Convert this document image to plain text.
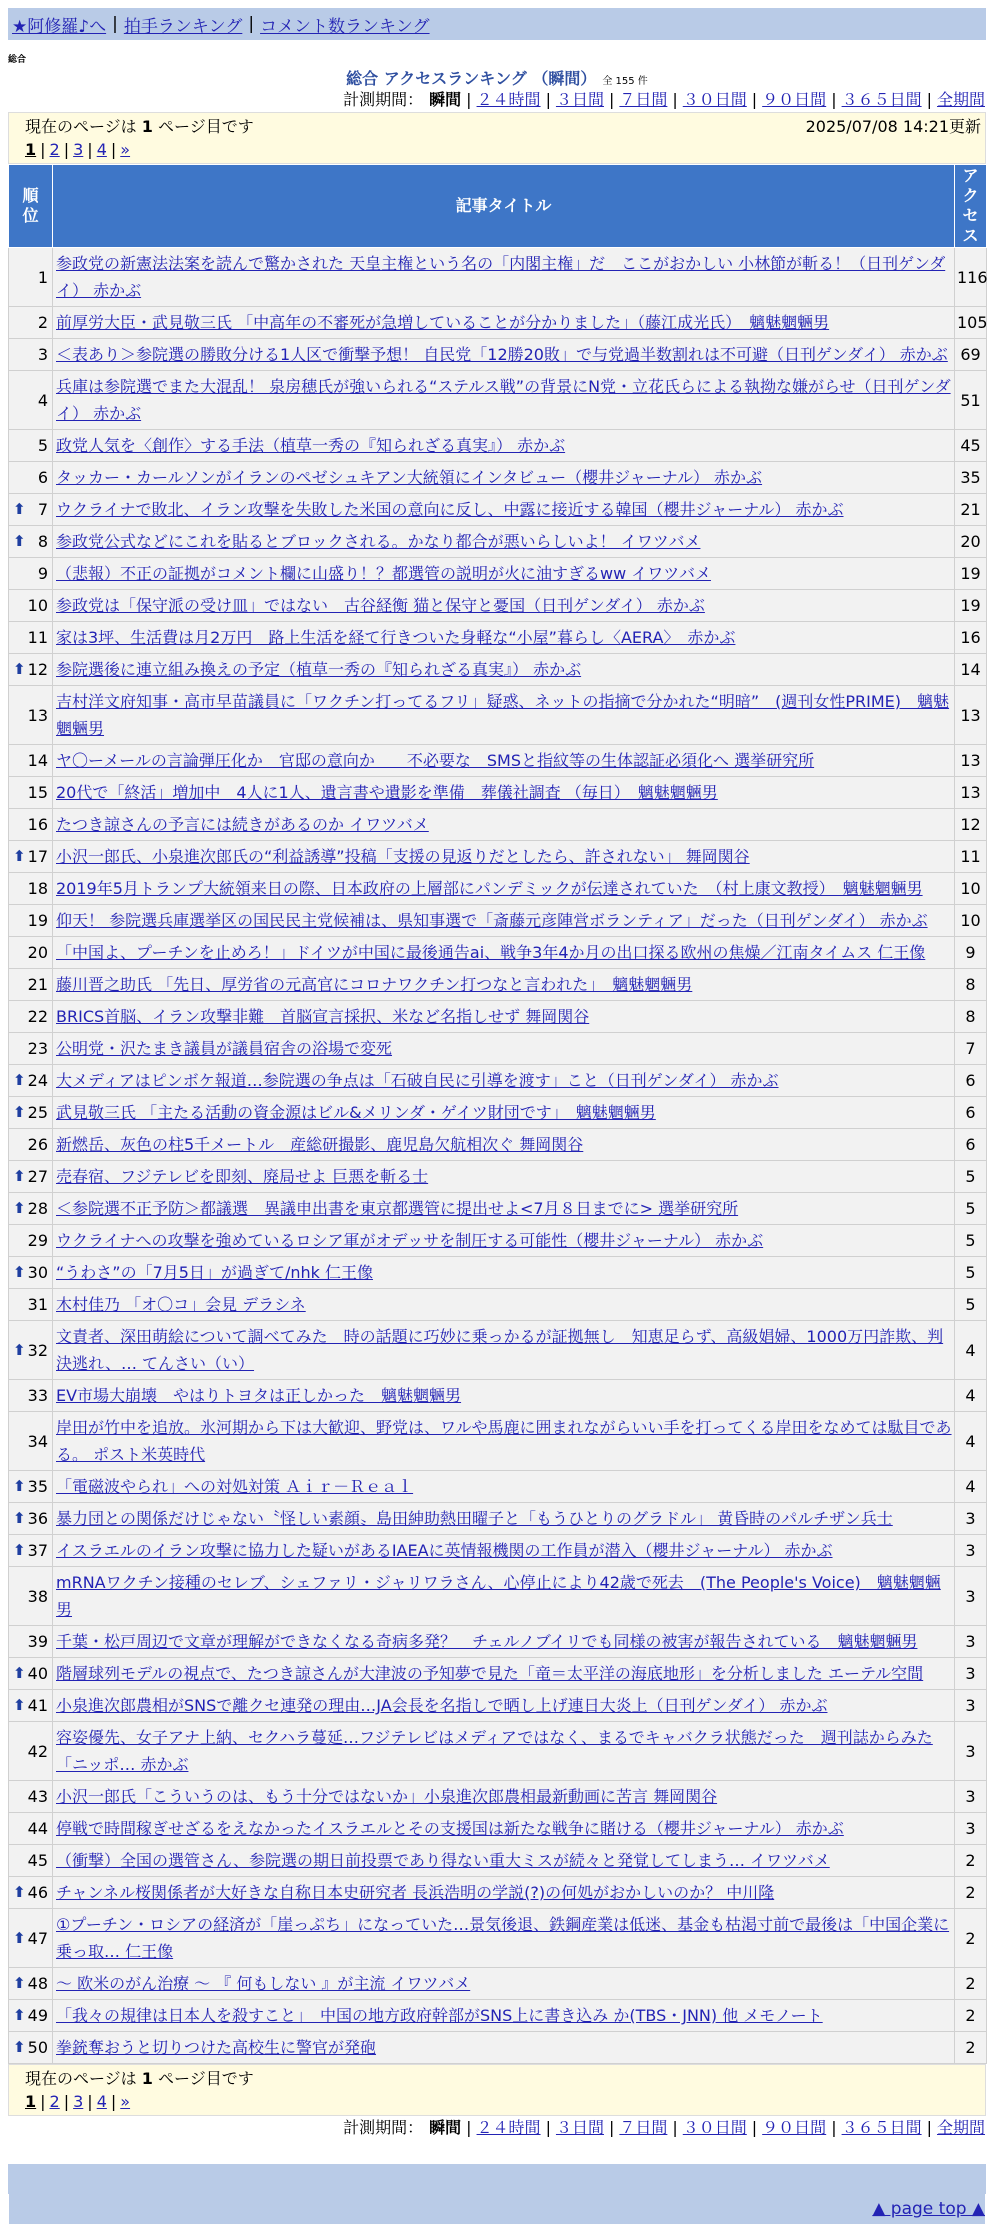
★阿修羅♪へ | 拍手ランキング | コメント数ランキング
総合
総合 アクセスランキング （瞬間） 全 155 件
計測期間： 瞬間 | ２４時間 | ３日間 | ７日間 | ３０日間 | ９０日間 | ３６５日間 | 全期間
現在のページは 1 ページ目です	2025/07/08 14:21更新
1 | 2 | 3 | 4 | »
順
位	記事タイトル	アク
セス
1	参政党の新憲法法案を読んで驚かされた 天皇主権という名の「内閣主権」だ　ここがおかしい 小林節が斬る！（日刊ゲンダイ） 赤かぶ	116
2	前厚労大臣・武見敬三氏 「中高年の不審死が急増していることが分かりました」（藤江成光氏）　魑魅魍魎男	105
3	＜表あり＞参院選の勝敗分ける1人区で衝撃予想！ 自民党「12勝20敗」で与党過半数割れは不可避（日刊ゲンダイ） 赤かぶ	69
4	兵庫は参院選でまた大混乱！ 泉房穂氏が強いられる“ステルス戦”の背景にN党・立花氏らによる執拗な嫌がらせ（日刊ゲンダイ） 赤かぶ	51
5	政党人気を〈創作〉する手法（植草一秀の『知られざる真実』） 赤かぶ	45
6	タッカー・カールソンがイランのペゼシュキアン大統領にインタビュー（櫻井ジャーナル） 赤かぶ	35

⬆ 7	ウクライナで敗北、イラン攻撃を失敗した米国の意向に反し、中露に接近する韓国（櫻井ジャーナル） 赤かぶ	21

⬆ 8	参政党公式などにこれを貼るとブロックされる。かなり都合が悪いらしいよ！ イワツバメ	20
9	（悲報）不正の証拠がコメント欄に山盛り！？都選管の説明が火に油すぎるww イワツバメ	19
10	参政党は「保守派の受け皿」ではない　古谷経衡 猫と保守と憂国（日刊ゲンダイ） 赤かぶ	19
11	家は3坪、生活費は月2万円　路上生活を経て行きついた身軽な“小屋”暮らし〈AERA〉　赤かぶ	16

⬆ 12	参院選後に連立組み換えの予定（植草一秀の『知られざる真実』） 赤かぶ	14
13	吉村洋文府知事・高市早苗議員に「ワクチン打ってるフリ」疑惑、ネットの指摘で分かれた“明暗”　(週刊女性PRIME)　魑魅魍魎男	13
14	ヤ〇ーメールの言論弾圧化か　官邸の意向か　　不必要な　SMSと指紋等の生体認証必須化へ 選挙研究所	13
15	20代で「終活」増加中　4人に1人、遺言書や遺影を準備　葬儀社調査 （毎日）　魑魅魍魎男	13
16	たつき諒さんの予言には続きがあるのか イワツバメ	12

⬆ 17	小沢一郎氏、小泉進次郎氏の“利益誘導”投稿「支援の見返りだとしたら、許されない」 舞岡関谷	11
18	2019年5月トランプ大統領来日の際、日本政府の上層部にパンデミックが伝達されていた　（村上康文教授）　魑魅魍魎男	10
19	仰天！ 参院選兵庫選挙区の国民民主党候補は、県知事選で「斎藤元彦陣営ボランティア」だった（日刊ゲンダイ） 赤かぶ	10
20	「中国よ、プーチンを止めろ！」ドイツが中国に最後通告ai、戦争3年4か月の出口探る欧州の焦燥／江南タイムス 仁王像	9
21	藤川晋之助氏 「先日、厚労省の元高官にコロナワクチン打つなと言われた」　魑魅魍魎男	8
22	BRICS首脳、イラン攻撃非難　首脳宣言採択、米など名指しせず 舞岡関谷	8
23	公明党・沢たまき議員が議員宿舎の浴場で変死	7

⬆ 24	大メディアはピンボケ報道…参院選の争点は「石破自民に引導を渡す」こと（日刊ゲンダイ） 赤かぶ	6

⬆ 25	武見敬三氏 「主たる活動の資金源はビル&メリンダ・ゲイツ財団です」　魑魅魍魎男	6
26	新燃岳、灰色の柱5千メートル　産総研撮影、鹿児島欠航相次ぐ 舞岡関谷	6

⬆ 27	売春宿、フジテレビを即刻、廃局せよ 巨悪を斬る士	5

⬆ 28	＜参院選不正予防＞都議選　異議申出書を東京都選管に提出せよ<7月８日までに> 選挙研究所	5
29	ウクライナへの攻撃を強めているロシア軍がオデッサを制圧する可能性（櫻井ジャーナル） 赤かぶ	5

⬆ 30	“うわさ”の「7月5日」が過ぎて/nhk 仁王像	5
31	木村佳乃 「オ〇コ」会見 デラシネ	5

⬆ 32	文責者、深田萌絵について調べてみた　時の話題に巧妙に乗っかるが証拠無し　知恵足らず、高級娼婦、1000万円詐欺、判決逃れ、… てんさい（い）	4
33	EV市場大崩壊　やはりトヨタは正しかった　魑魅魍魎男	4
34	岸田が竹中を追放。氷河期から下は大歓迎、野党は、ワルや馬鹿に囲まれながらいい手を打ってくる岸田をなめては駄目である。 ポスト米英時代	4

⬆ 35	「電磁波やられ」への対処対策 Ａｉｒ－Ｒｅａｌ	4

⬆ 36	暴力団との関係だけじゃない〝怪しい素顔〟島田紳助熱田曜子と「もうひとりのグラドル」 黄昏時のパルチザン兵士	3

⬆ 37	イスラエルのイラン攻撃に協力した疑いがあるIAEAに英情報機関の工作員が潜入（櫻井ジャーナル） 赤かぶ	3
38	mRNAワクチン接種のセレブ、シェファリ・ジャリワラさん、心停止により42歳で死去　(The People's Voice)　魑魅魍魎男	3
39	千葉・松戸周辺で文章が理解ができなくなる奇病多発？　チェルノブイリでも同様の被害が報告されている　魑魅魍魎男	3

⬆ 40	階層球列モデルの視点で、たつき諒さんが大津波の予知夢で見た「竜＝太平洋の海底地形」を分析しました エーテル空間	3

⬆ 41	小泉進次郎農相がSNSで離クセ連発の理由…JA会長を名指しで晒し上げ連日大炎上（日刊ゲンダイ） 赤かぶ	3
42	容姿優先、女子アナ上納、セクハラ蔓延…フジテレビはメディアではなく、まるでキャバクラ状態だった　週刊誌からみた「ニッポ… 赤かぶ	3
43	小沢一郎氏「こういうのは、もう十分ではないか」小泉進次郎農相最新動画に苦言 舞岡関谷	3
44	停戦で時間稼ぎせざるをえなかったイスラエルとその支援国は新たな戦争に賭ける（櫻井ジャーナル） 赤かぶ	3
45	（衝撃）全国の選管さん、参院選の期日前投票であり得ない重大ミスが続々と発覚してしまう… イワツバメ	2

⬆ 46	チャンネル桜関係者が大好きな自称日本史研究者 長浜浩明の学説(?)の何処がおかしいのか？ 中川隆	2

⬆ 47	①プーチン・ロシアの経済が「崖っぷち」になっていた…景気後退、鉄鋼産業は低迷、基金も枯渇寸前で最後は「中国企業に乗っ取… 仁王像	2

⬆ 48	～ 欧米のがん治療 ～ 『 何もしない 』が主流 イワツバメ	2

⬆ 49	「我々の規律は日本人を殺すこと」　中国の地方政府幹部がSNS上に書き込み か(TBS・JNN) 他 メモノート	2

⬆ 50	拳銃奪おうと切りつけた高校生に警官が発砲	2
現在のページは 1 ページ目です
1 | 2 | 3 | 4 | »
計測期間： 瞬間 | ２４時間 | ３日間 | ７日間 | ３０日間 | ９０日間 | ３６５日間 | 全期間
▲ page top ▲
